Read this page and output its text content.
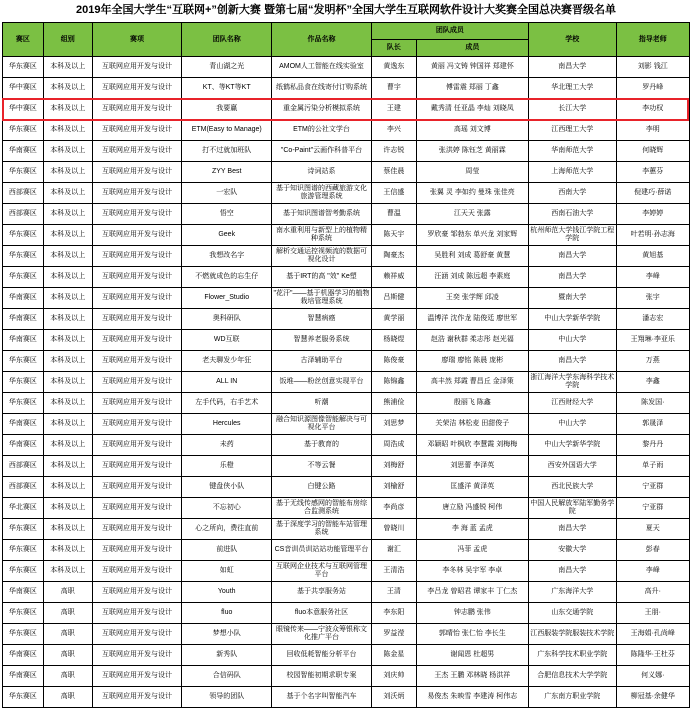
2019年全国大学生“互联网+”创新大赛 暨第七届“发明杯”全国大学生互联网软件设计大奖赛全国总决赛晋级名单
赛区	组别	赛项	团队名称	作品名称	团队成员		学校	指导老师
					队长	成员		
华东赛区	本科及以上	互联网应用开发与设计	青山湖之光	AMOM人工智能在线实验室	黄逸东	黄丽 冯文铸 钟国祥 郑建怀	南昌大学	刘影 钱江
华中赛区	本科及以上	互联网应用开发与设计	KT、等KT等KT	纸鹤私品食在线寄付订购系统	曹宇	傅雷震 郑丽 丁鑫	华北理工大学	罗丹峰
华中赛区	本科及以上	互联网应用开发与设计	我要赢	重金属污染分析模拟系统	王建	戴秀清 任亚晶 李灿 刘晓凤	长江大学	李功权
华东赛区	本科及以上	互联网应用开发与设计	ETM(Easy to Manage)	ETM的公社文学台	李兴	高瑶 刘文博	江西理工大学	李明
华南赛区	本科及以上	互联网应用开发与设计	打不过就加班队	"Co-Paint"云画作科普平台	许志锐	张洪婷 陈钰芝 黄丽霖	华南师范大学	何晓辉
华东赛区	本科及以上	互联网应用开发与设计	ZYY Best	诗词站系	蔡佳晨	周莹	上海师范大学	李蕙芬
西部赛区	本科及以上	互联网应用开发与设计	一宏队	基于知识图谱的西藏旅游文化旅游管理系统	王信盛	张翼 灵 李如约 曼珠 张佳亮	西南大学	倪建巧·薛诺
西部赛区	本科及以上	互联网应用开发与设计	悟空	基于知识图谱智考勤系统	曹温	江天天 张露	西南石油大学	李婷婷
华东赛区	本科及以上	互联网应用开发与设计	Geek	南水重利用与新型上的植物精种系统	陈天宇	罗欣豪 邹勃东 单兴龙 刘家辉	杭州师范大学钱江学院工程学院	叶若明·孙志海
华东赛区	本科及以上	互联网应用开发与设计	我想改名字	解析交通运控视频流的数据可视化设计	陶豪杰	吴胜利 刘成 葛舒豪 黄慧	南昌大学	黄旭基
华东赛区	本科及以上	互联网应用开发与设计	不燃就成色的忘生仔	基于IRT的高 "效" Ke塑	赖祥威	汪涵 刘成 陈远超 李素庭	南昌大学	李峰
华南赛区	本科及以上	互联网应用开发与设计	Flower_Studio	"花汗"——基于机器学习的植物栽培管理系统	吕斯健	王奕 张学辉 邱凌	暨南大学	张宇
华南赛区	本科及以上	互联网应用开发与设计	奥科研队	智慧病癌	黄学丽	温博洋 沈作龙 陆俊廷 廖世军	中山大学新华学院	潘志宏
华南赛区	本科及以上	互联网应用开发与设计	WD互联	智慧养老服务系统	杨晓煜	赵浩 谢秋群 柔志彤 赵光福	中山大学	王翔琳·李亚乐
华东赛区	本科及以上	互联网应用开发与设计	老夫聊发少年狂	古泽辅助平台	陈俊豪	廖瑞 廖铭 陈晨 庞彬	南昌大学	万燕
华东赛区	本科及以上	互联网应用开发与设计	ALL IN	饭堆——粉丝创意实现平台	陈锦鑫	高丰然 郑霞 曹昌丘 金泽策	浙江海洋大学东海科学技术学院	李鑫
华东赛区	本科及以上	互联网应用开发与设计	左手代码，右手艺术	听潮	熊浦俭	殷丽飞 陈鑫	江西财经大学	陈发国·
华南赛区	本科及以上	互联网应用开发与设计	Hercules	融合知识源图像智能解决与可视化平台	刘思梦	关荣洁 林松麦 田甜俊子	中山大学	郭晟泽
华南赛区	本科及以上	互联网应用开发与设计	未药	基于教育的	周浩成	邓颖昭 叶枫欣 李慧霞 刘梅梅	中山大学新华学院	黎丹丹
西部赛区	本科及以上	互联网应用开发与设计	乐橙	不等云餐	刘梅舒	刘思蕾 李泽英	西安外国语大学	单子雨
西部赛区	本科及以上	互联网应用开发与设计	键盘侠小队	白键公路	刘榆舒	匡盛洋 黄泽英	西北民族大学	宁亚群
华北赛区	本科及以上	互联网应用开发与设计	不忘初心	基于无线传感网的智能布房综合监测系统	李尚彦	唐立励 冯盛锐 柯伟	中国人民解放军陆军勤务学院	宁亚群
华东赛区	本科及以上	互联网应用开发与设计	心之所向，费往直前	基于深度学习的智能车站管理系统	曾晓川	李 海 蓝 孟虎	南昌大学	夏天
华东赛区	本科及以上	互联网应用开发与设计	前进队	CS音训员训站站功能管理平台	谢汇	冯菲 孟虎	安徽大学	彭春
华东赛区	本科及以上	互联网应用开发与设计	如虹	互联网企业技术与互联网管理平台	王清浩	李冬林 吴宇军 李卓	南昌大学	李峰
华南赛区	高职	互联网应用开发与设计	Youth	基于共享服务站	王清	李吕龙 曾昭君 谭家丰 丁仁杰	广东海洋大学	高升·
华东赛区	高职	互联网应用开发与设计	fluo	fluo本意服务社区	李东阳	钟志鹏 张伟	山东交通学院	王朋·
华东赛区	高职	互联网应用开发与设计	梦想小队	眼镜传来——宁波众筹银称文化推广平台	罗益滢	郭晴怡 张仁怡 李长生	江西服装学院服装技术学院	王海娟·孔尚峰
华南赛区	高职	互联网应用开发与设计	新秀队	回收低耗智能分析平台	陈金星	谢闻恩 杜超男	广东科学技术职业学院	陈隆华·王杜芬
华南赛区	高职	互联网应用开发与设计	合信码队	校园智能初期求职专案	刘庆帅	王杰 王鹏 邓林晓 杨洪祥	合肥信息技术大学学院	何义娜·
华东赛区	高职	互联网应用开发与设计	领导的团队	基于个名字叫智能汽车	刘沃炳	易俊杰 朱映雪 李建涛 柯伟志	广东南方职业学院	柳冠基·余健华
